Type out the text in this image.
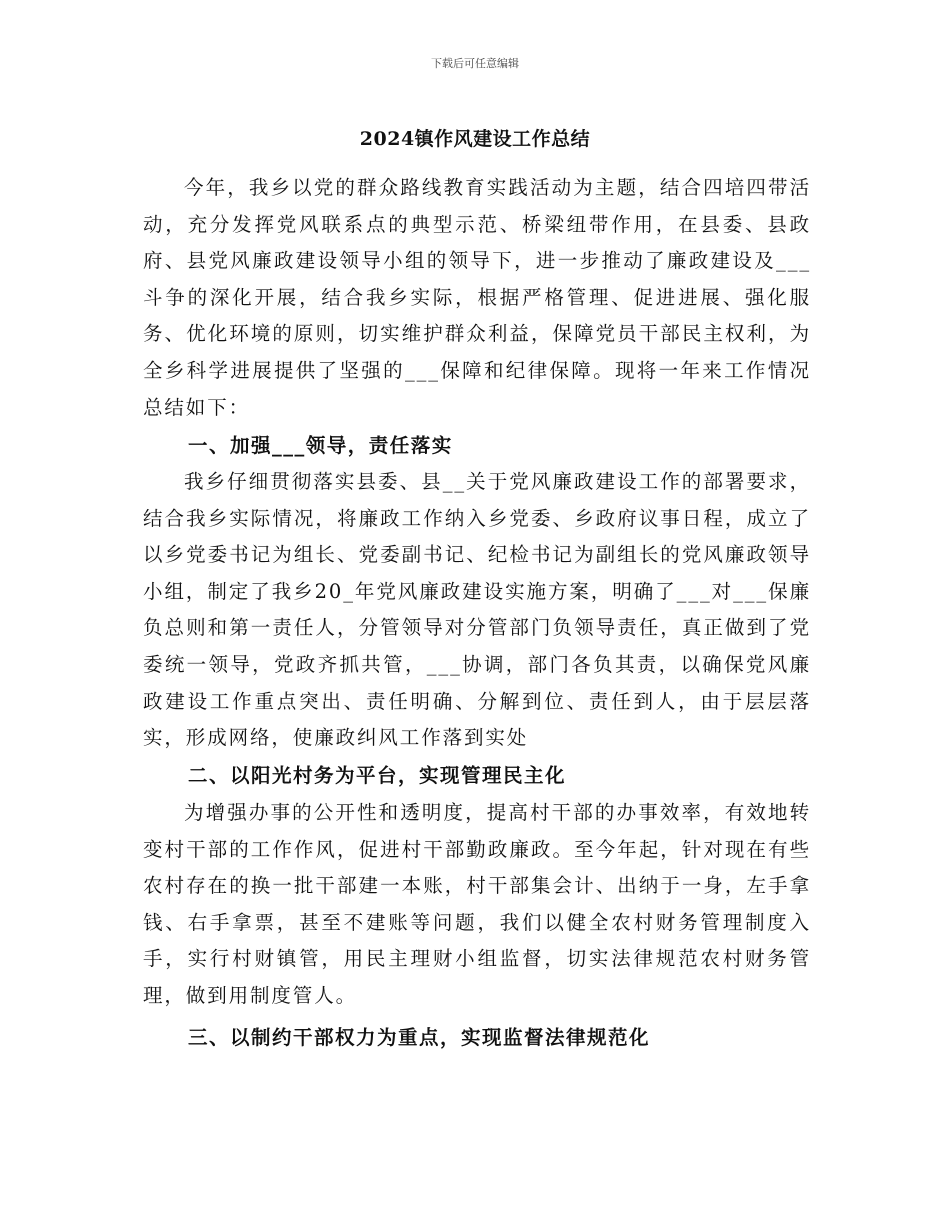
下载后可任意编辑
2024镇作风建设工作总结

今年，我乡以党的群众路线教育实践活动为主题，结合四培四带活动，充分发挥党风联系点的典型示范、桥梁纽带作用，在县委、县政府、县党风廉政建设领导小组的领导下，进一步推动了廉政建设及___斗争的深化开展，结合我乡实际，根据严格管理、促进进展、强化服务、优化环境的原则，切实维护群众利益，保障党员干部民主权利，为全乡科学进展提供了坚强的___保障和纪律保障。现将一年来工作情况总结如下：

一、加强___领导，责任落实

我乡仔细贯彻落实县委、县__关于党风廉政建设工作的部署要求，结合我乡实际情况，将廉政工作纳入乡党委、乡政府议事日程，成立了以乡党委书记为组长、党委副书记、纪检书记为副组长的党风廉政领导小组，制定了我乡20_年党风廉政建设实施方案，明确了___对___保廉负总则和第一责任人，分管领导对分管部门负领导责任，真正做到了党委统一领导，党政齐抓共管，___协调，部门各负其责，以确保党风廉政建设工作重点突出、责任明确、分解到位、责任到人，由于层层落实，形成网络，使廉政纠风工作落到实处

二、以阳光村务为平台，实现管理民主化

为增强办事的公开性和透明度，提高村干部的办事效率，有效地转变村干部的工作作风，促进村干部勤政廉政。至今年起，针对现在有些农村存在的换一批干部建一本账，村干部集会计、出纳于一身，左手拿钱、右手拿票，甚至不建账等问题，我们以健全农村财务管理制度入手，实行村财镇管，用民主理财小组监督，切实法律规范农村财务管理，做到用制度管人。

三、以制约干部权力为重点，实现监督法律规范化
